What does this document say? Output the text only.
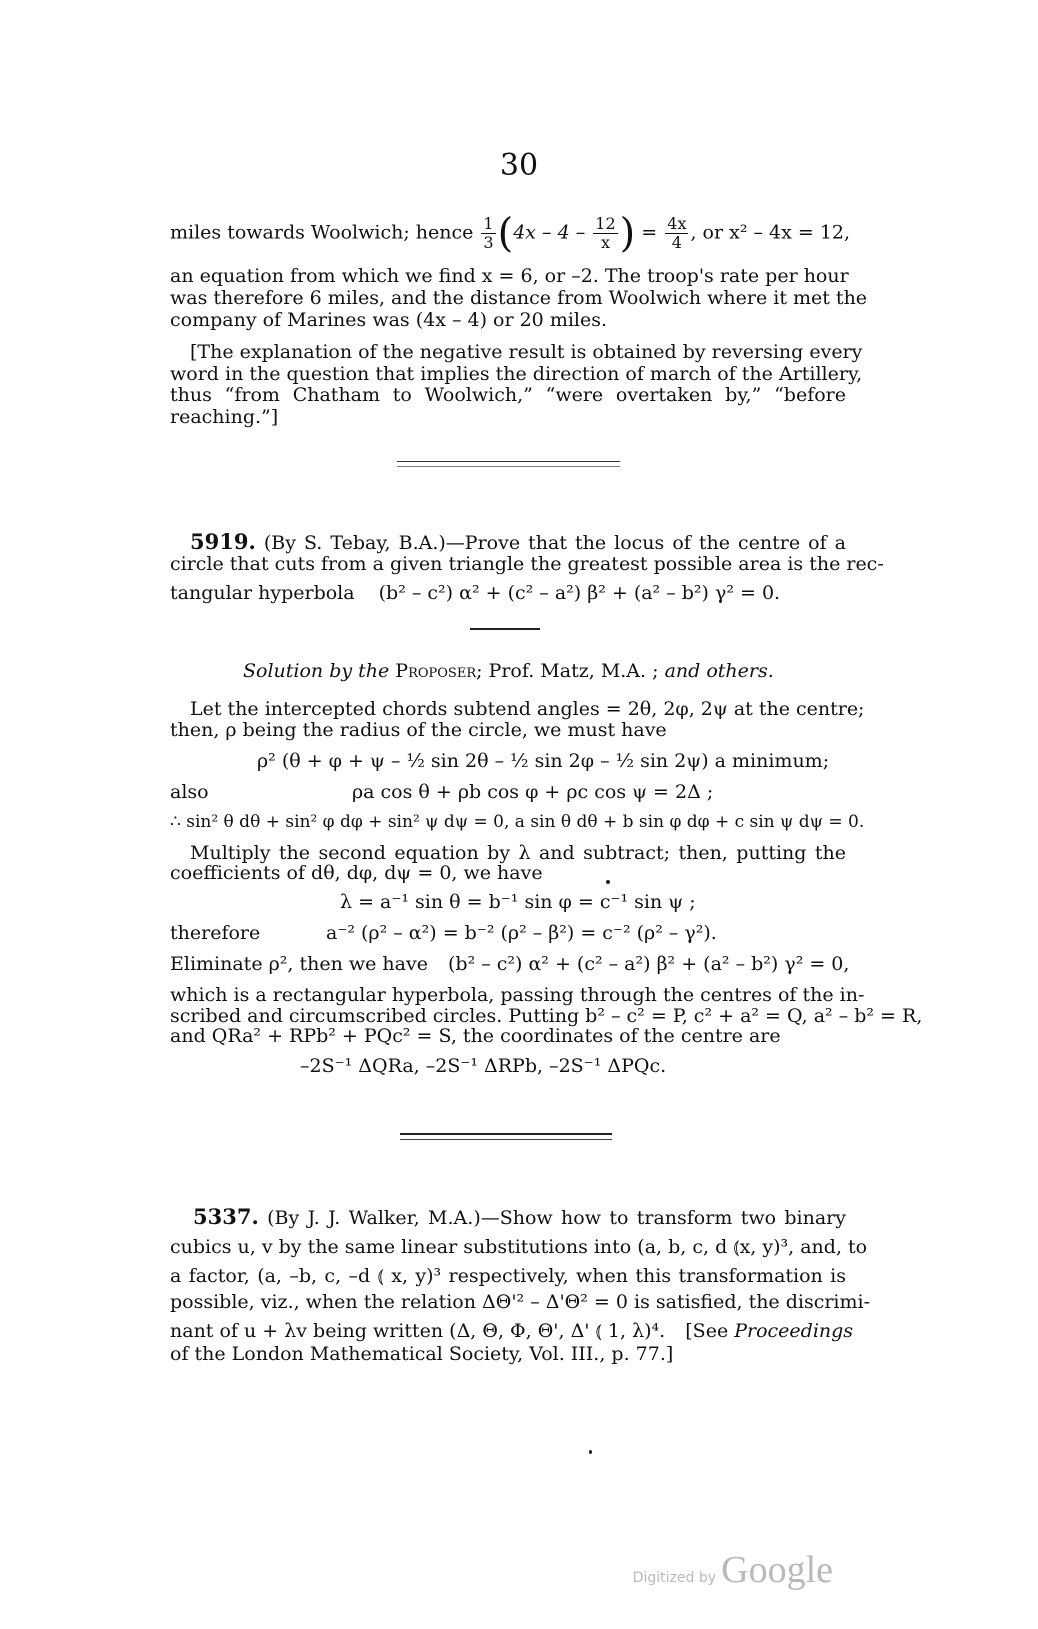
30
miles towards Woolwich; hence $\frac{1}{3} (4x - 4 - \frac{12}{x}$ ) = $\frac{4x}{4}$ , or x² – 4x = 12,
an equation from which we find x = 6, or –2. The troop's rate per hour
was therefore 6 miles, and the distance from Woolwich where it met the
company of Marines was (4x – 4) or 20 miles.
[The explanation of the negative result is obtained by reversing every
word in the question that implies the direction of march of the Artillery,
thus “from Chatham to Woolwich,” “were overtaken by,” “before
reaching.”]
5919. (By S. Tebay, B.A.)—Prove that the locus of the centre of a
circle that cuts from a given triangle the greatest possible area is the rec-
tangular hyperbola (b² – c²) α² + (c² – a²) β² + (a² – b²) γ² = 0.
Solution by the Proposer; Prof. Matz, M.A. ; and others.
Let the intercepted chords subtend angles = 2θ, 2φ, 2ψ at the centre;
then, ρ being the radius of the circle, we must have
ρ² (θ + φ + ψ – ½ sin 2θ – ½ sin 2φ – ½ sin 2ψ) a minimum;
also	ρa cos θ + ρb cos φ + ρc cos ψ = 2Δ ;
∴ sin² θ dθ + sin² φ dφ + sin² ψ dψ = 0, a sin θ dθ + b sin φ dφ + c sin ψ dψ = 0.
Multiply the second equation by λ and subtract; then, putting the
coefficients of dθ, dφ, dψ = 0, we have
λ = a⁻¹ sin θ = b⁻¹ sin φ = c⁻¹ sin ψ ;
therefore	a⁻² (ρ² – α²) = b⁻² (ρ² – β²) = c⁻² (ρ² – γ²).
Eliminate ρ², then we have (b² – c²) α² + (c² – a²) β² + (a² – b²) γ² = 0,
which is a rectangular hyperbola, passing through the centres of the in-
scribed and circumscribed circles. Putting b² – c² = P, c² + a² = Q, a² – b² = R,
and QRa² + RPb² + PQc² = S, the coordinates of the centre are
–2S⁻¹ ΔQRa, –2S⁻¹ ΔRPb, –2S⁻¹ ΔPQc.
5337. (By J. J. Walker, M.A.)—Show how to transform two binary
cubics u, v by the same linear substitutions into (a, b, c, d ⦅x, y)³, and, to
a factor, (a, –b, c, –d ⦅ x, y)³ respectively, when this transformation is
possible, viz., when the relation ΔΘ'² – Δ'Θ² = 0 is satisfied, the discrimi-
nant of u + λv being written (Δ, Θ, Φ, Θ', Δ' ⦅ 1, λ)⁴. [See Proceedings
of the London Mathematical Society, Vol. III., p. 77.]
Digitized by Google
